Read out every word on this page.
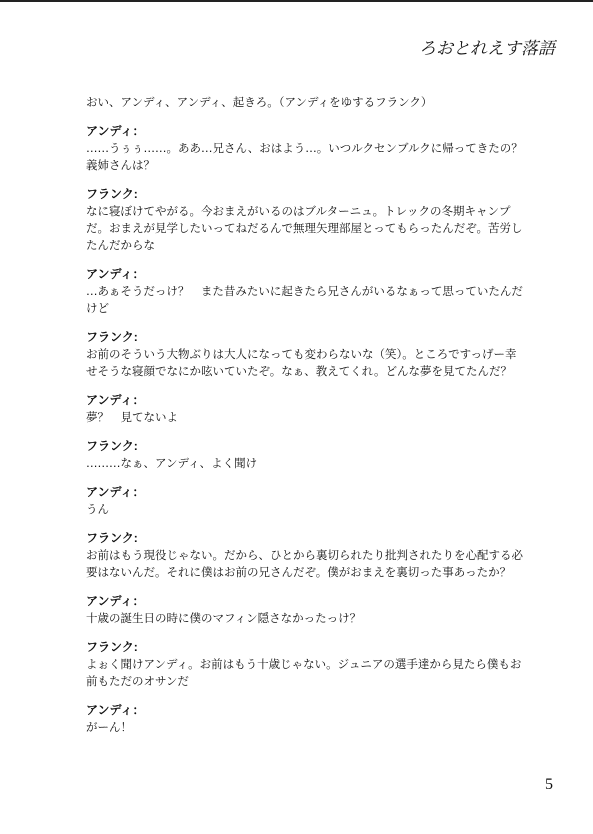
ろおとれえす落語
おい、アンディ、アンディ、起きろ。（アンディをゆするフランク）
アンディ：
……うぅぅ……。ああ…兄さん、おはよう…。いつルクセンブルクに帰ってきたの？義姉さんは？
フランク:
なに寝ぼけてやがる。今おまえがいるのはブルターニュ。トレックの冬期キャンプだ。おまえが見学したいってねだるんで無理矢理部屋とってもらったんだぞ。苦労したんだからな
アンディ：
…あぁそうだっけ？　また昔みたいに起きたら兄さんがいるなぁって思っていたんだけど
フランク:
お前のそういう大物ぶりは大人になっても変わらないな（笑）。ところですっげー幸せそうな寝顔でなにか呟いていたぞ。なぁ、教えてくれ。どんな夢を見てたんだ？
アンディ：
夢？　見てないよ
フランク:
………なぁ、アンディ、よく聞け
アンディ：
うん
フランク:
お前はもう現役じゃない。だから、ひとから裏切られたり批判されたりを心配する必要はないんだ。それに僕はお前の兄さんだぞ。僕がおまえを裏切った事あったか？
アンディ：
十歳の誕生日の時に僕のマフィン隠さなかったっけ？
フランク:
よぉく聞けアンディ。お前はもう十歳じゃない。ジュニアの選手達から見たら僕もお前もただのオサンだ
アンディ：
がーん！
5
